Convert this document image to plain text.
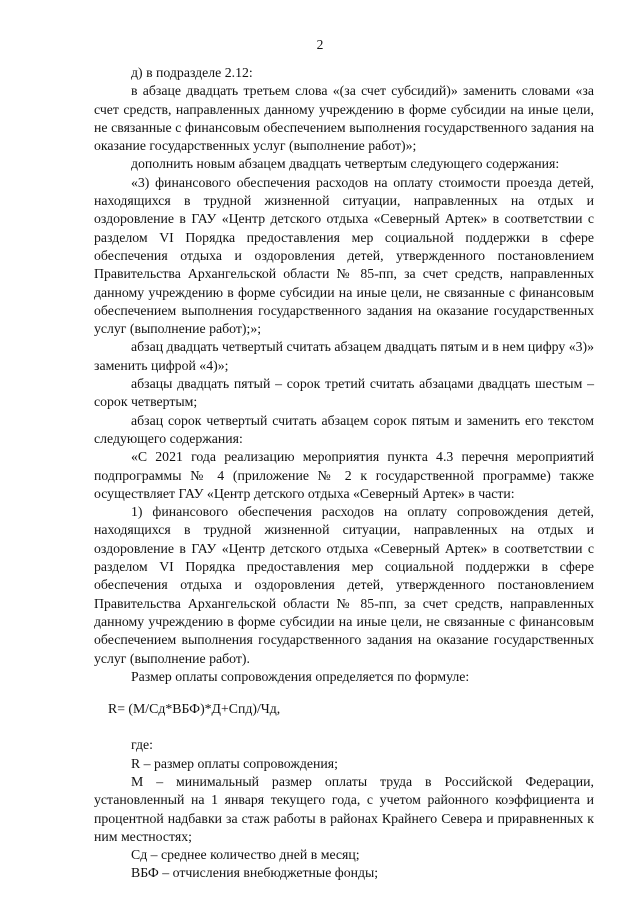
2

д) в подразделе 2.12:

в абзаце двадцать третьем слова «(за счет субсидий)» заменить словами «за счет средств, направленных данному учреждению в форме субсидии на иные цели, не связанные с финансовым обеспечением выполнения государственного задания на оказание государственных услуг (выполнение работ)»;

дополнить новым абзацем двадцать четвертым следующего содержания:

«3) финансового обеспечения расходов на оплату стоимости проезда детей, находящихся в трудной жизненной ситуации, направленных на отдых и оздоровление в ГАУ «Центр детского отдыха «Северный Артек» в соответствии с разделом VI Порядка предоставления мер социальной поддержки в сфере обеспечения отдыха и оздоровления детей, утвержденного постановлением Правительства Архангельской области № 85-пп, за счет средств, направленных данному учреждению в форме субсидии на иные цели, не связанные с финансовым обеспечением выполнения государственного задания на оказание государственных услуг (выполнение работ);»;

абзац двадцать четвертый считать абзацем двадцать пятым и в нем цифру «3)» заменить цифрой «4)»;

абзацы двадцать пятый – сорок третий считать абзацами двадцать шестым – сорок четвертым;

абзац сорок четвертый считать абзацем сорок пятым и заменить его текстом следующего содержания:

«С 2021 года реализацию мероприятия пункта 4.3 перечня мероприятий подпрограммы № 4 (приложение № 2 к государственной программе) также осуществляет ГАУ «Центр детского отдыха «Северный Артек» в части:

1) финансового обеспечения расходов на оплату сопровождения детей, находящихся в трудной жизненной ситуации, направленных на отдых и оздоровление в ГАУ «Центр детского отдыха «Северный Артек» в соответствии с разделом VI Порядка предоставления мер социальной поддержки в сфере обеспечения отдыха и оздоровления детей, утвержденного постановлением Правительства Архангельской области № 85-пп, за счет средств, направленных данному учреждению в форме субсидии на иные цели, не связанные с финансовым обеспечением выполнения государственного задания на оказание государственных услуг (выполнение работ).

Размер оплаты сопровождения определяется по формуле:

R= (М/Сд*ВБФ)*Д+Спд)/Чд,

где:

R – размер оплаты сопровождения;

М – минимальный размер оплаты труда в Российской Федерации, установленный на 1 января текущего года, с учетом районного коэффициента и процентной надбавки за стаж работы в районах Крайнего Севера и приравненных к ним местностях;

Сд – среднее количество дней в месяц;

ВБФ – отчисления внебюджетные фонды;
